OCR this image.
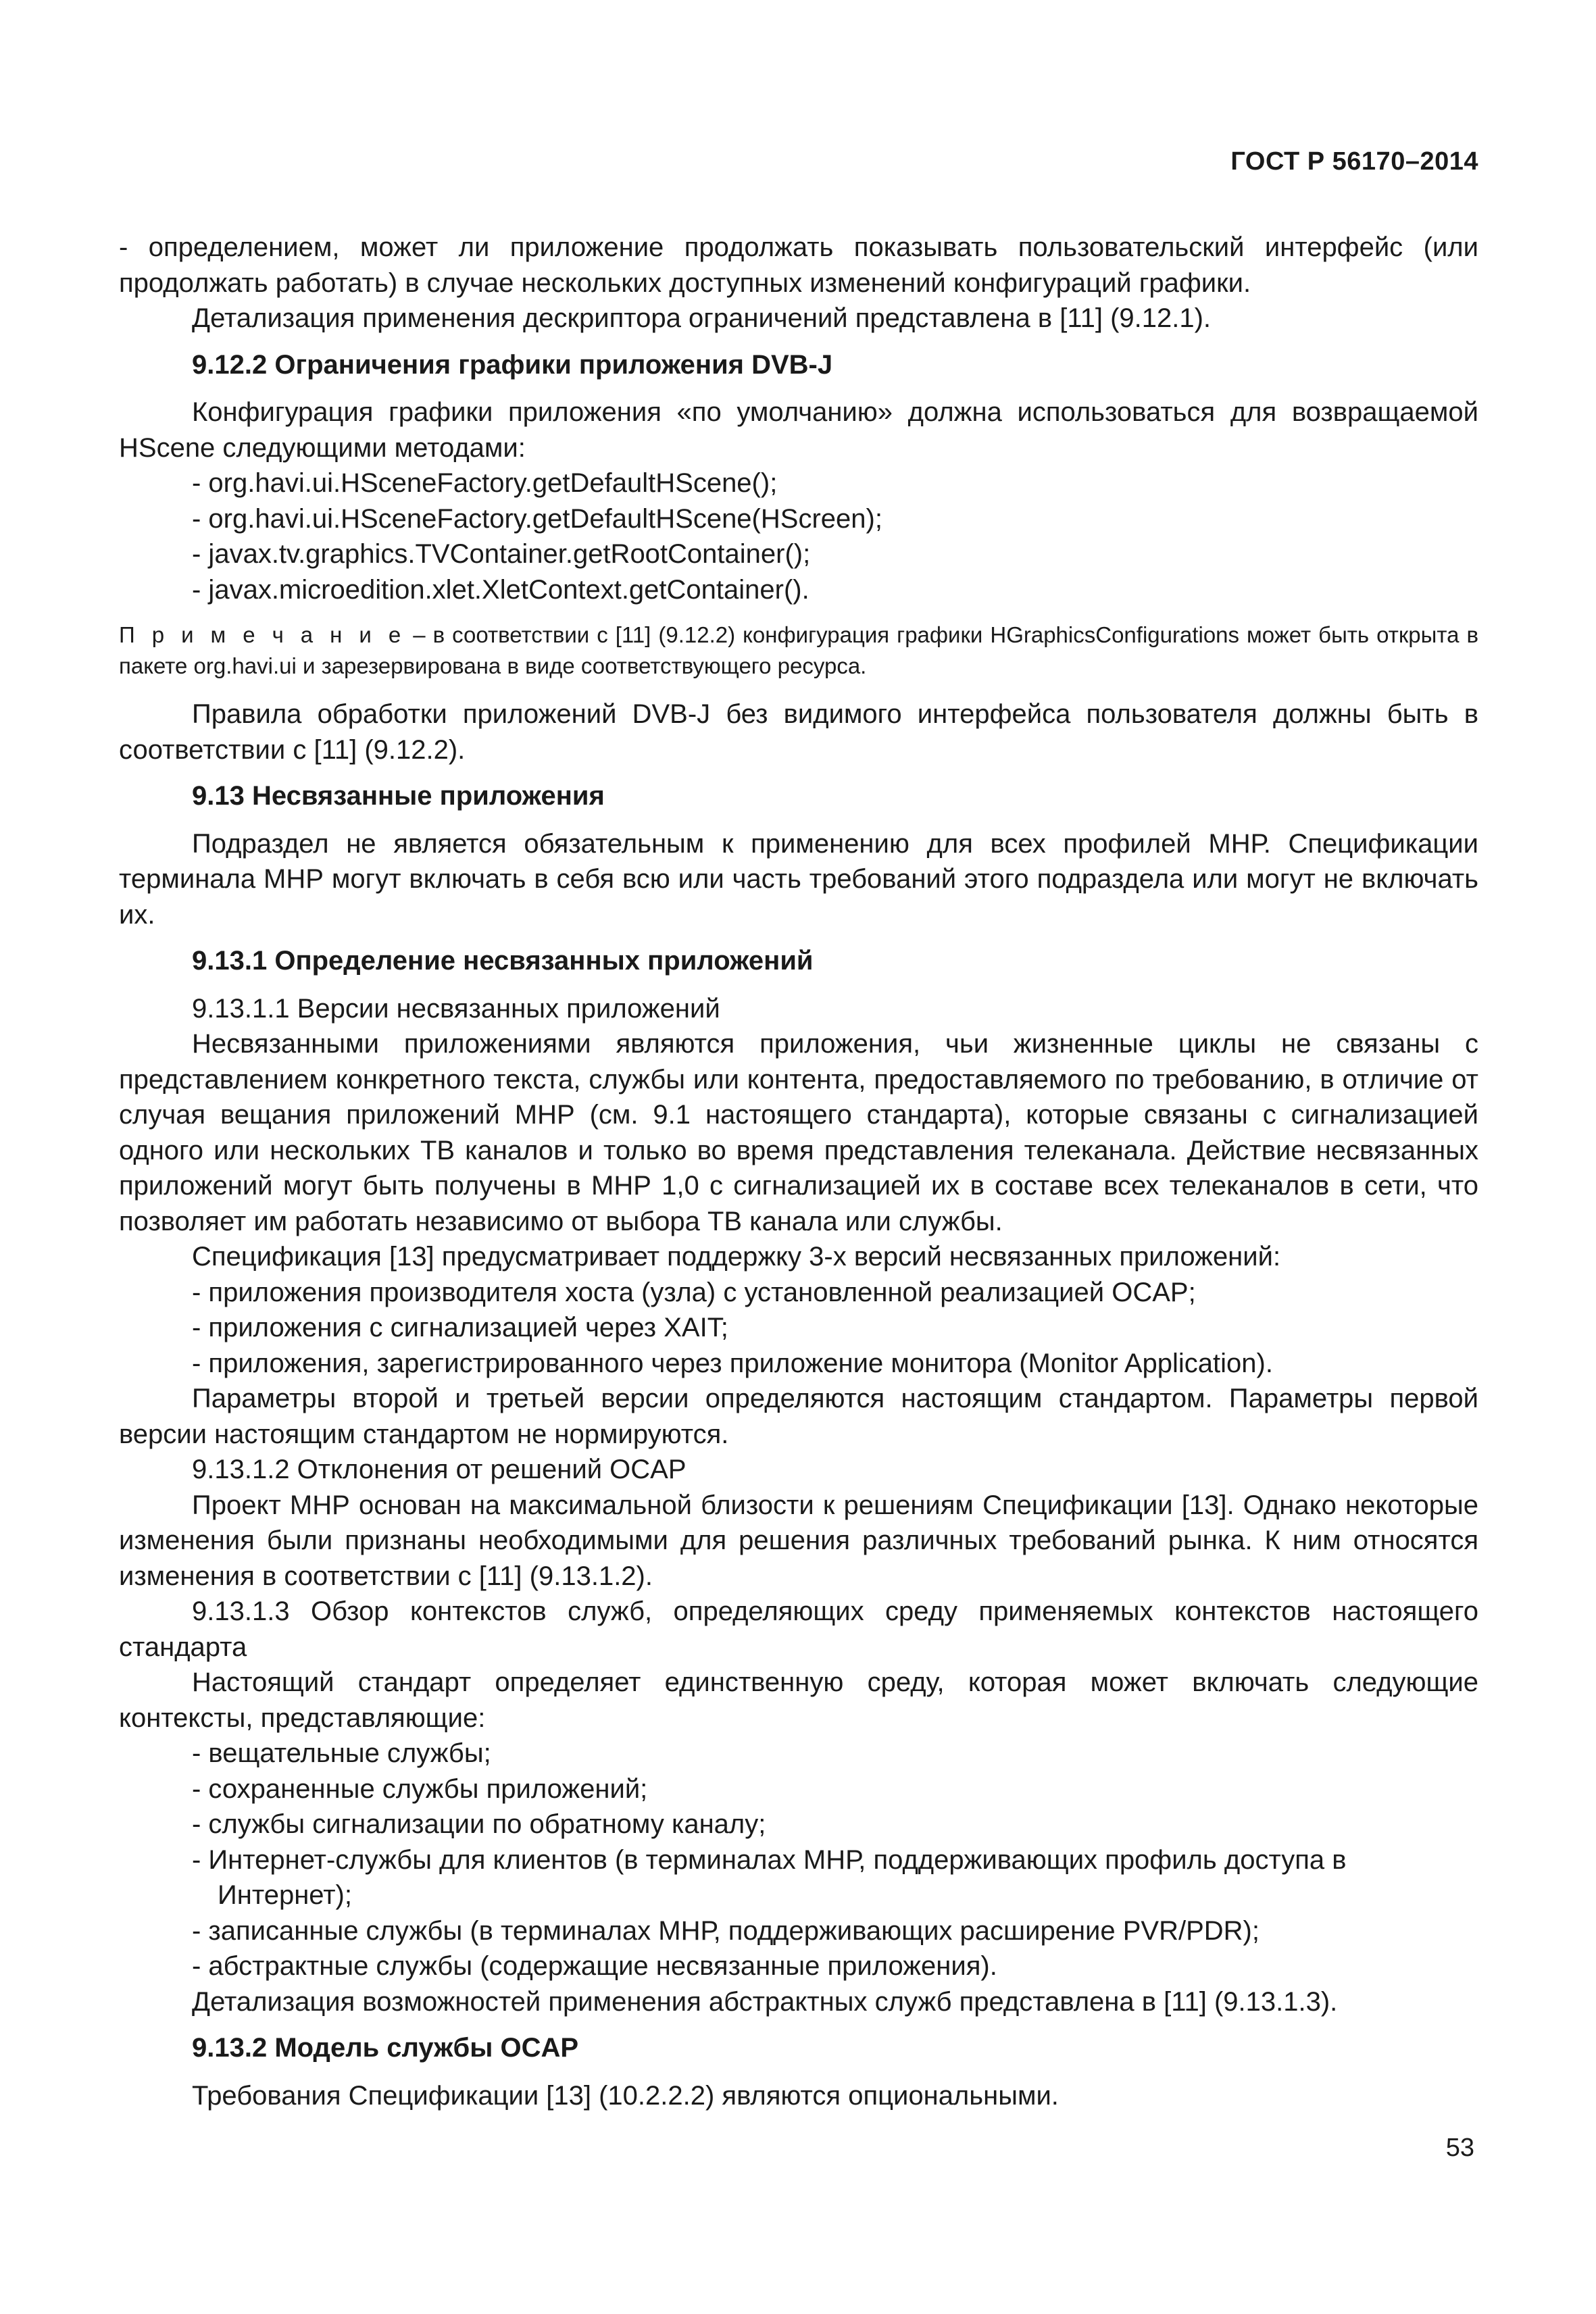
ГОСТ Р 56170–2014

- определением, может ли приложение продолжать показывать пользовательский интерфейс (или продолжать работать) в случае нескольких доступных изменений конфигураций графики.

Детализация применения дескриптора ограничений представлена в [11] (9.12.1).

9.12.2 Ограничения графики приложения DVB-J

Конфигурация графики приложения «по умолчанию» должна использоваться для возвращаемой HScene следующими методами:

- org.havi.ui.HSceneFactory.getDefaultHScene();

- org.havi.ui.HSceneFactory.getDefaultHScene(HScreen);

- javax.tv.graphics.TVContainer.getRootContainer();

- javax.microedition.xlet.XletContext.getContainer().

П р и м е ч а н и е – в соответствии с [11] (9.12.2) конфигурация графики HGraphicsConfigurations может быть открыта в пакете org.havi.ui и зарезервирована в виде соответствующего ресурса.

Правила обработки приложений DVB-J без видимого интерфейса пользователя должны быть в соответствии с [11] (9.12.2).

9.13 Несвязанные приложения

Подраздел не является обязательным к применению для всех профилей МНР. Спецификации терминала МНР могут включать в себя всю или часть требований этого подраздела или могут не включать их.

9.13.1 Определение несвязанных приложений

9.13.1.1 Версии несвязанных приложений

Несвязанными приложениями являются приложения, чьи жизненные циклы не связаны с представлением конкретного текста, службы или контента, предоставляемого по требованию, в отличие от случая вещания приложений МНР (см. 9.1 настоящего стандарта), которые связаны с сигнализацией одного или нескольких ТВ каналов и только во время представления телеканала. Действие несвязанных приложений могут быть получены в МНР 1,0 с сигнализацией их в составе всех телеканалов в сети, что позволяет им работать независимо от выбора ТВ канала или службы.

Спецификация [13] предусматривает поддержку 3-х версий несвязанных приложений:

- приложения производителя хоста (узла) с установленной реализацией OCAP;

- приложения с сигнализацией через XAIT;

- приложения, зарегистрированного через приложение монитора (Monitor Application).

Параметры второй и третьей версии определяются настоящим стандартом. Параметры первой версии настоящим стандартом не нормируются.

9.13.1.2 Отклонения от решений OCAP

Проект МНР основан на максимальной близости к решениям Спецификации [13]. Однако некоторые изменения были признаны необходимыми для решения различных требований рынка. К ним относятся изменения в соответствии с [11] (9.13.1.2).

9.13.1.3 Обзор контекстов служб, определяющих среду применяемых контекстов настоящего стандарта

Настоящий стандарт определяет единственную среду, которая может включать следующие контексты, представляющие:

- вещательные службы;

- сохраненные службы приложений;

- службы сигнализации по обратному каналу;

- Интернет-службы для клиентов (в терминалах МНР, поддерживающих профиль доступа в Интернет);

- записанные службы (в терминалах МНР, поддерживающих расширение PVR/PDR);

- абстрактные службы (содержащие несвязанные приложения).

Детализация возможностей применения абстрактных служб представлена в [11] (9.13.1.3).

9.13.2 Модель службы OCAP

Требования Спецификации [13] (10.2.2.2) являются опциональными.

53
